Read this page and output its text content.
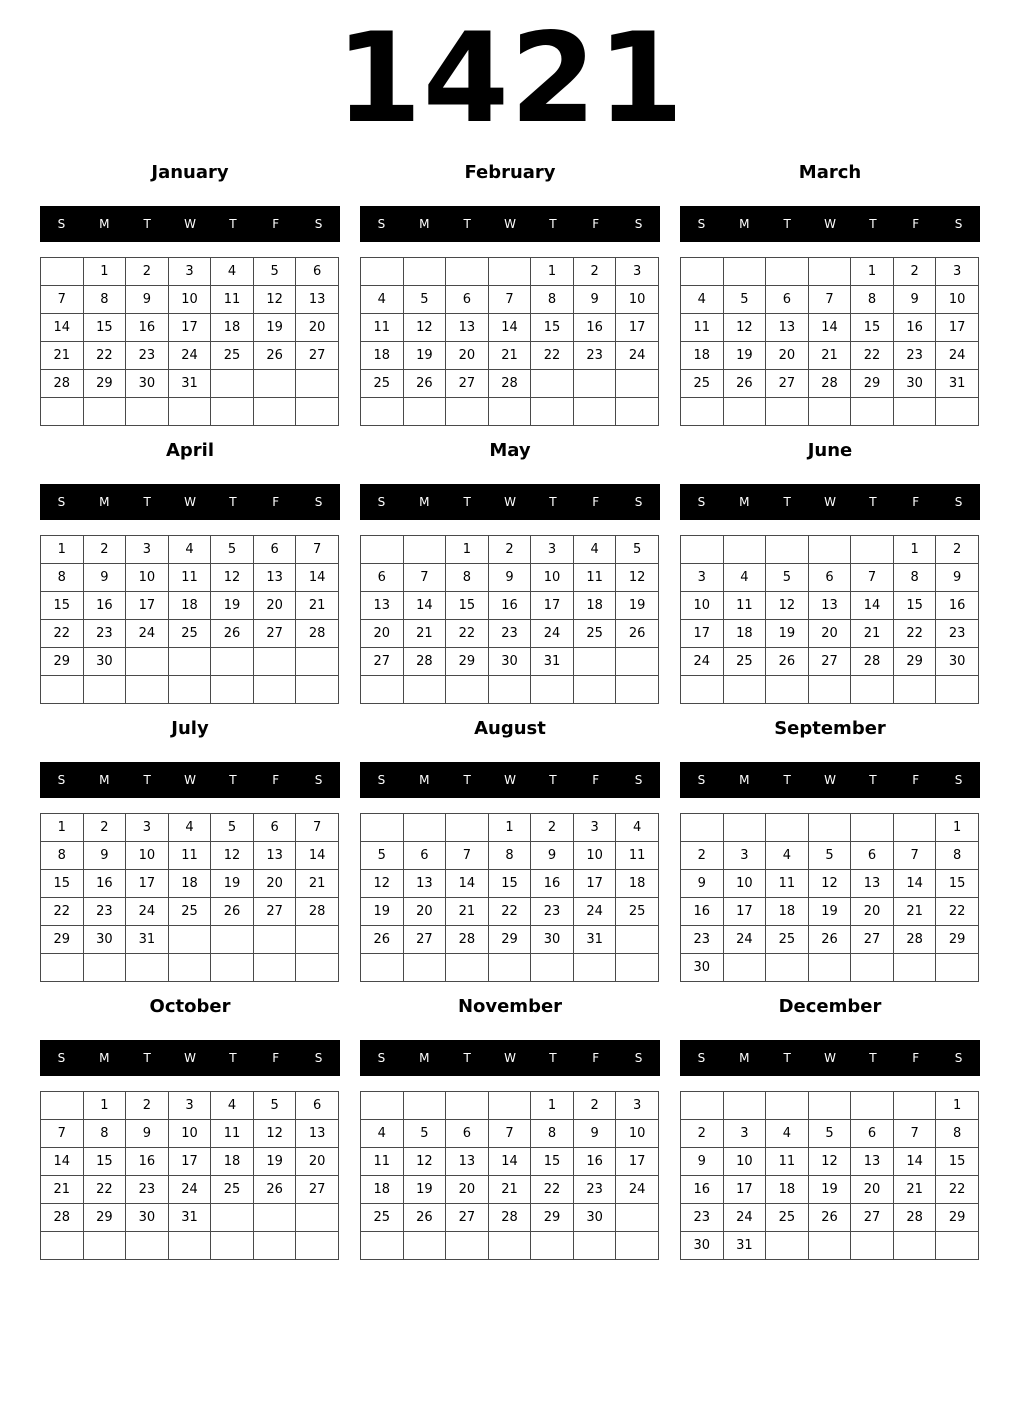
1421
January
S	M	T	W	T	F	S
	1	2	3	4	5	6
7	8	9	10	11	12	13
14	15	16	17	18	19	20
21	22	23	24	25	26	27
28	29	30	31			

February
S	M	T	W	T	F	S
				1	2	3
4	5	6	7	8	9	10
11	12	13	14	15	16	17
18	19	20	21	22	23	24
25	26	27	28			

March
S	M	T	W	T	F	S
				1	2	3
4	5	6	7	8	9	10
11	12	13	14	15	16	17
18	19	20	21	22	23	24
25	26	27	28	29	30	31

April
S	M	T	W	T	F	S
1	2	3	4	5	6	7
8	9	10	11	12	13	14
15	16	17	18	19	20	21
22	23	24	25	26	27	28
29	30					

May
S	M	T	W	T	F	S
		1	2	3	4	5
6	7	8	9	10	11	12
13	14	15	16	17	18	19
20	21	22	23	24	25	26
27	28	29	30	31		

June
S	M	T	W	T	F	S
					1	2
3	4	5	6	7	8	9
10	11	12	13	14	15	16
17	18	19	20	21	22	23
24	25	26	27	28	29	30

July
S	M	T	W	T	F	S
1	2	3	4	5	6	7
8	9	10	11	12	13	14
15	16	17	18	19	20	21
22	23	24	25	26	27	28
29	30	31				

August
S	M	T	W	T	F	S
			1	2	3	4
5	6	7	8	9	10	11
12	13	14	15	16	17	18
19	20	21	22	23	24	25
26	27	28	29	30	31	

September
S	M	T	W	T	F	S
						1
2	3	4	5	6	7	8
9	10	11	12	13	14	15
16	17	18	19	20	21	22
23	24	25	26	27	28	29
30						
October
S	M	T	W	T	F	S
	1	2	3	4	5	6
7	8	9	10	11	12	13
14	15	16	17	18	19	20
21	22	23	24	25	26	27
28	29	30	31			

November
S	M	T	W	T	F	S
				1	2	3
4	5	6	7	8	9	10
11	12	13	14	15	16	17
18	19	20	21	22	23	24
25	26	27	28	29	30	

December
S	M	T	W	T	F	S
						1
2	3	4	5	6	7	8
9	10	11	12	13	14	15
16	17	18	19	20	21	22
23	24	25	26	27	28	29
30	31					
